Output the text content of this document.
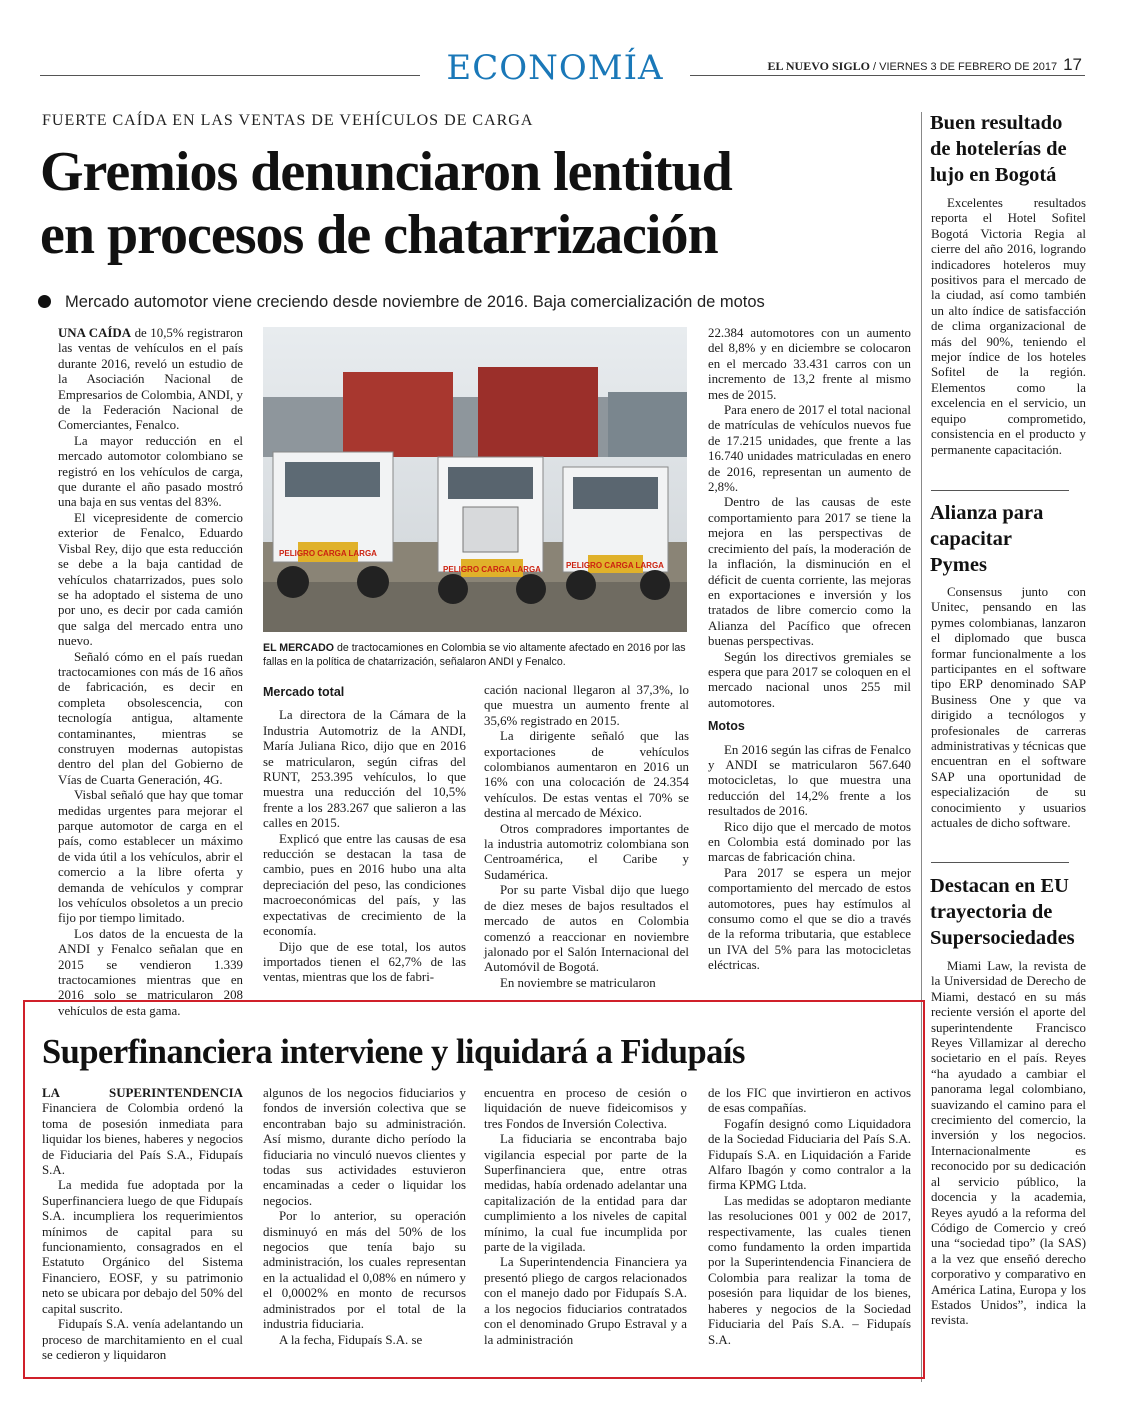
ECONOMÍA	EL NUEVO SIGLO / VIERNES 3 DE FEBRERO DE 2017 17
FUERTE CAÍDA EN LAS VENTAS DE VEHÍCULOS DE CARGA
Gremios denunciaron lentitud
en procesos de chatarrización
Mercado automotor viene creciendo desde noviembre de 2016. Baja comercialización de motos

UNA CAÍDA de 10,5% registraron las ventas de vehículos en el país durante 2016, reveló un estudio de la Asociación Nacional de Empresarios de Colombia, ANDI, y de la Federación Nacional de Comerciantes, Fenalco.

La mayor reducción en el mercado automotor colombiano se registró en los vehículos de carga, que durante el año pasado mostró una baja en sus ventas del 83%.

El vicepresidente de comercio exterior de Fenalco, Eduardo Visbal Rey, dijo que esta reducción se debe a la baja cantidad de vehículos chatarrizados, pues solo se ha adoptado el sistema de uno por uno, es decir por cada camión que salga del mercado entra uno nuevo.

Señaló cómo en el país ruedan tractocamiones con más de 16 años de fabricación, es decir en completa obsolescencia, con tecnología antigua, altamente contaminantes, mientras se construyen modernas autopistas dentro del plan del Gobierno de Vías de Cuarta Generación, 4G.

Visbal señaló que hay que tomar medidas urgentes para mejorar el parque automotor de carga en el país, como establecer un máximo de vida útil a los vehículos, abrir el comercio a la libre oferta y demanda de vehículos y comprar los vehículos obsoletos a un precio fijo por tiempo limitado.

Los datos de la encuesta de la ANDI y Fenalco señalan que en 2015 se vendieron 1.339 tractocamiones mientras que en 2016 solo se matricularon 208 vehículos de esta gama.

PELIGRO CARGA LARGA
PELIGRO CARGA LARGA	PELIGRO CARGA LARGA
EL MERCADO de tractocamiones en Colombia se vio altamente afectado en 2016 por las fallas en la política de chatarrización, señalaron ANDI y Fenalco.

Mercado total

La directora de la Cámara de la Industria Automotriz de la ANDI, María Juliana Rico, dijo que en 2016 se matricularon, según cifras del RUNT, 253.395 vehículos, lo que muestra una reducción del 10,5% frente a los 283.267 que salieron a las calles en 2015.

Explicó que entre las causas de esa reducción se destacan la tasa de cambio, pues en 2016 hubo una alta depreciación del peso, las condiciones macroeconómicas del país, y las expectativas de crecimiento de la economía.

Dijo que de ese total, los autos importados tienen el 62,7% de las ventas, mientras que los de fabri-

cación nacional llegaron al 37,3%, lo que muestra un aumento frente al 35,6% registrado en 2015.

La dirigente señaló que las exportaciones de vehículos colombianos aumentaron en 2016 un 16% con una colocación de 24.354 vehículos. De estas ventas el 70% se destina al mercado de México.

Otros compradores importantes de la industria automotriz colombiana son Centroamérica, el Caribe y Sudamérica.

Por su parte Visbal dijo que luego de diez meses de bajos resultados el mercado de autos en Colombia comenzó a reaccionar en noviembre jalonado por el Salón Internacional del Automóvil de Bogotá.

En noviembre se matricularon

22.384 automotores con un aumento del 8,8% y en diciembre se colocaron en el mercado 33.431 carros con un incremento de 13,2 frente al mismo mes de 2015.

Para enero de 2017 el total nacional de matrículas de vehículos nuevos fue de 17.215 unidades, que frente a las 16.740 unidades matriculadas en enero de 2016, representan un aumento de 2,8%.

Dentro de las causas de este comportamiento para 2017 se tiene la mejora en las perspectivas de crecimiento del país, la moderación de la inflación, la disminución en el déficit de cuenta corriente, las mejoras en exportaciones e inversión y los tratados de libre comercio como la Alianza del Pacífico que ofrecen buenas perspectivas.

Según los directivos gremiales se espera que para 2017 se coloquen en el mercado nacional unos 255 mil automotores.

Motos

En 2016 según las cifras de Fenalco y ANDI se matricularon 567.640 motocicletas, lo que muestra una reducción del 14,2% frente a los resultados de 2016.

Rico dijo que el mercado de motos en Colombia está dominado por las marcas de fabricación china.

Para 2017 se espera un mejor comportamiento del mercado de estos automotores, pues hay estímulos al consumo como el que se dio a través de la reforma tributaria, que establece un IVA del 5% para las motocicletas eléctricas.

Buen resultado de hotelerías de lujo en Bogotá

Excelentes resultados reporta el Hotel Sofitel Bogotá Victoria Regia al cierre del año 2016, logrando indicadores hoteleros muy positivos para el mercado de la ciudad, así como también un alto índice de satisfacción de clima organizacional de más del 90%, teniendo el mejor índice de los hoteles Sofitel de la región. Elementos como la excelencia en el servicio, un equipo comprometido, consistencia en el producto y permanente capacitación.

Alianza para capacitar Pymes

Consensus junto con Unitec, pensando en las pymes colombianas, lanzaron el diplomado que busca formar funcionalmente a los participantes en el software tipo ERP denominado SAP Business One y que va dirigido a tecnólogos y profesionales de carreras administrativas y técnicas que encuentran en el software SAP una oportunidad de especialización de su conocimiento y usuarios actuales de dicho software.

Destacan en EU trayectoria de Supersociedades

Miami Law, la revista de la Universidad de Derecho de Miami, destacó en su más reciente versión el aporte del superintendente Francisco Reyes Villamizar al derecho societario en el país. Reyes “ha ayudado a cambiar el panorama legal colombiano, suavizando el camino para el crecimiento del comercio, la inversión y los negocios. Internacionalmente es reconocido por su dedicación al servicio público, la docencia y la academia, Reyes ayudó a la reforma del Código de Comercio y creó una “sociedad tipo” (la SAS) a la vez que enseñó derecho corporativo y comparativo en América Latina, Europa y los Estados Unidos”, indica la revista.

Superfinanciera interviene y liquidará a Fidupaís

LA SUPERINTENDENCIA Financiera de Colombia ordenó la toma de posesión inmediata para liquidar los bienes, haberes y negocios de Fiduciaria del País S.A., Fidupaís S.A.

La medida fue adoptada por la Superfinanciera luego de que Fidupaís S.A. incumpliera los requerimientos mínimos de capital para su funcionamiento, consagrados en el Estatuto Orgánico del Sistema Financiero, EOSF, y su patrimonio neto se ubicara por debajo del 50% del capital suscrito.

Fidupaís S.A. venía adelantando un proceso de marchitamiento en el cual se cedieron y liquidaron

algunos de los negocios fiduciarios y fondos de inversión colectiva que se encontraban bajo su administración. Así mismo, durante dicho período la fiduciaria no vinculó nuevos clientes y todas sus actividades estuvieron encaminadas a ceder o liquidar los negocios.

Por lo anterior, su operación disminuyó en más del 50% de los negocios que tenía bajo su administración, los cuales representan en la actualidad el 0,08% en número y el 0,0002% en monto de recursos administrados por el total de la industria fiduciaria.

A la fecha, Fidupaís S.A. se

encuentra en proceso de cesión o liquidación de nueve fideicomisos y tres Fondos de Inversión Colectiva.

La fiduciaria se encontraba bajo vigilancia especial por parte de la Superfinanciera que, entre otras medidas, había ordenado adelantar una capitalización de la entidad para dar cumplimiento a los niveles de capital mínimo, la cual fue incumplida por parte de la vigilada.

La Superintendencia Financiera ya presentó pliego de cargos relacionados con el manejo dado por Fidupaís S.A. a los negocios fiduciarios contratados con el denominado Grupo Estraval y a la administración

de los FIC que invirtieron en activos de esas compañías.

Fogafín designó como Liquidadora de la Sociedad Fiduciaria del País S.A. Fidupaís S.A. en Liquidación a Faride Alfaro Ibagón y como contralor a la firma KPMG Ltda.

Las medidas se adoptaron mediante las resoluciones 001 y 002 de 2017, respectivamente, las cuales tienen como fundamento la orden impartida por la Superintendencia Financiera de Colombia para realizar la toma de posesión para liquidar de los bienes, haberes y negocios de la Sociedad Fiduciaria del País S.A. – Fidupaís S.A.
